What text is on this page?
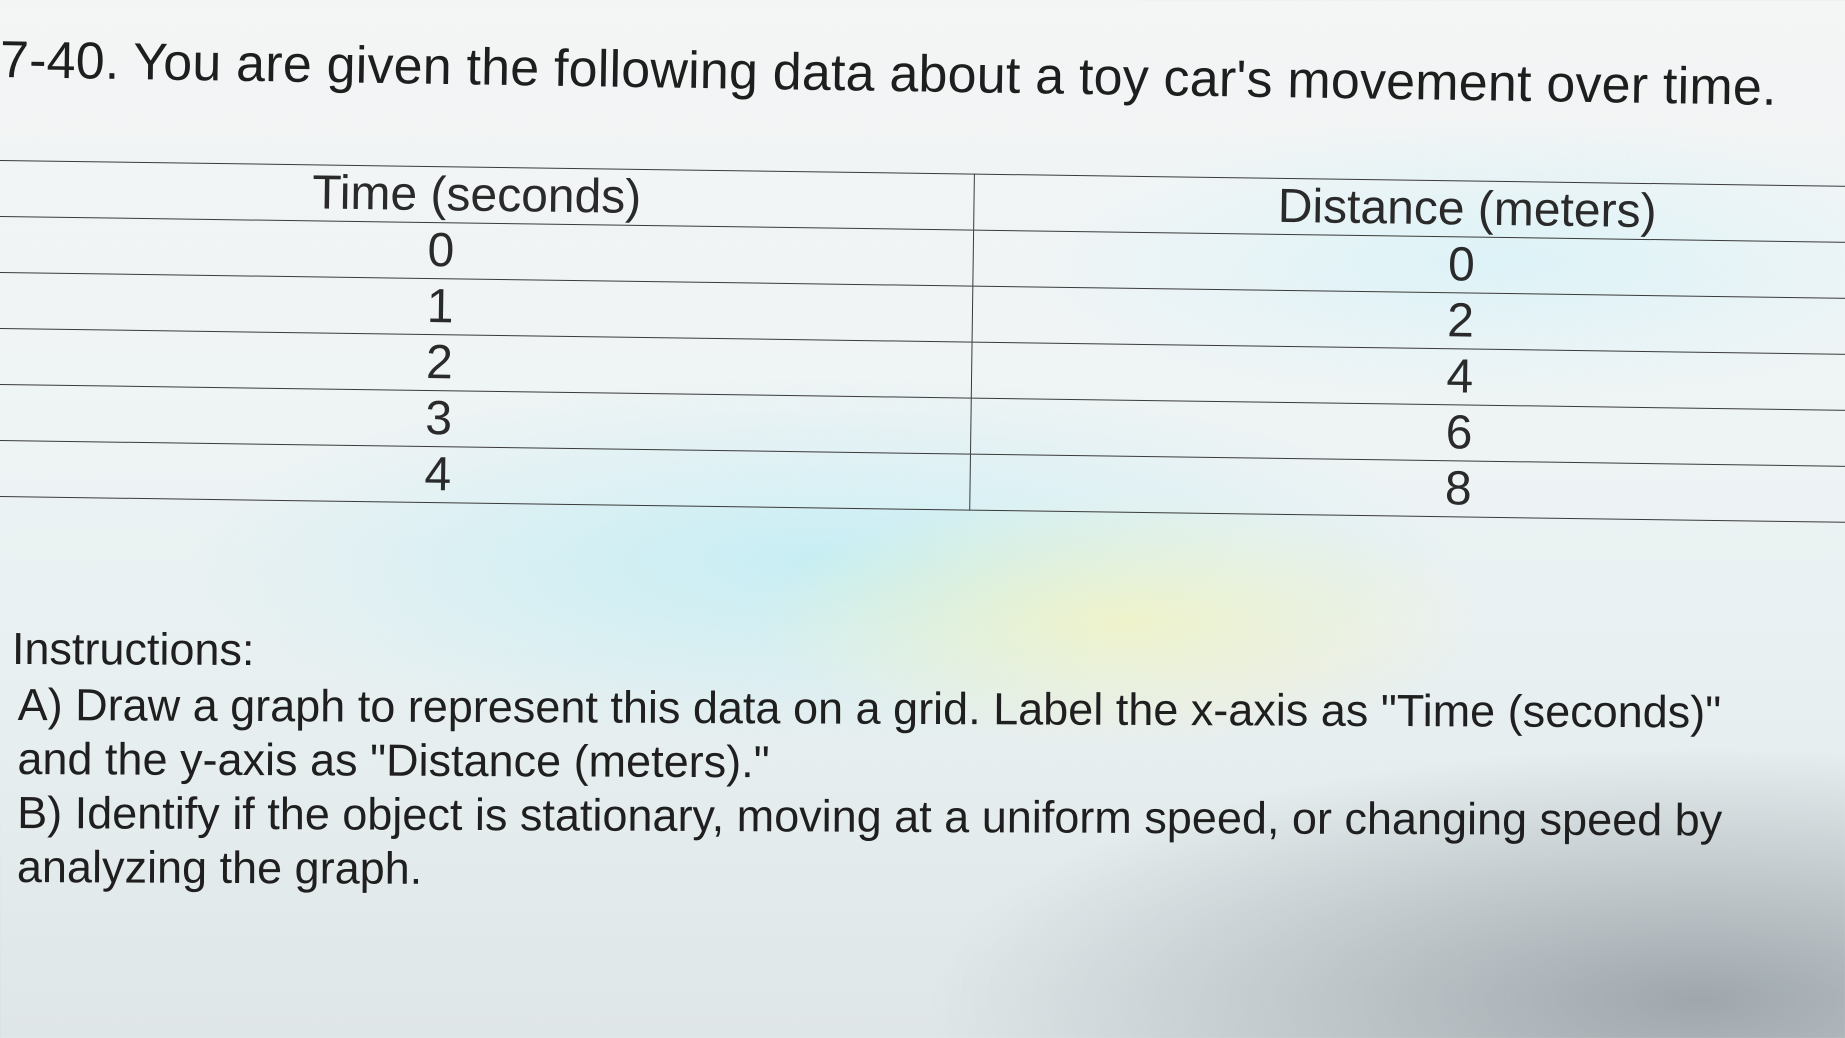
7-40. You are given the following data about a toy car's movement over time.
Time (seconds)	Distance (meters)
0	0
1	2
2	4
3	6
4	8
Instructions:
A) Draw a graph to represent this data on a grid. Label the x-axis as "Time (seconds)"
and the y-axis as "Distance (meters)."
B) Identify if the object is stationary, moving at a uniform speed, or changing speed by
analyzing the graph.
